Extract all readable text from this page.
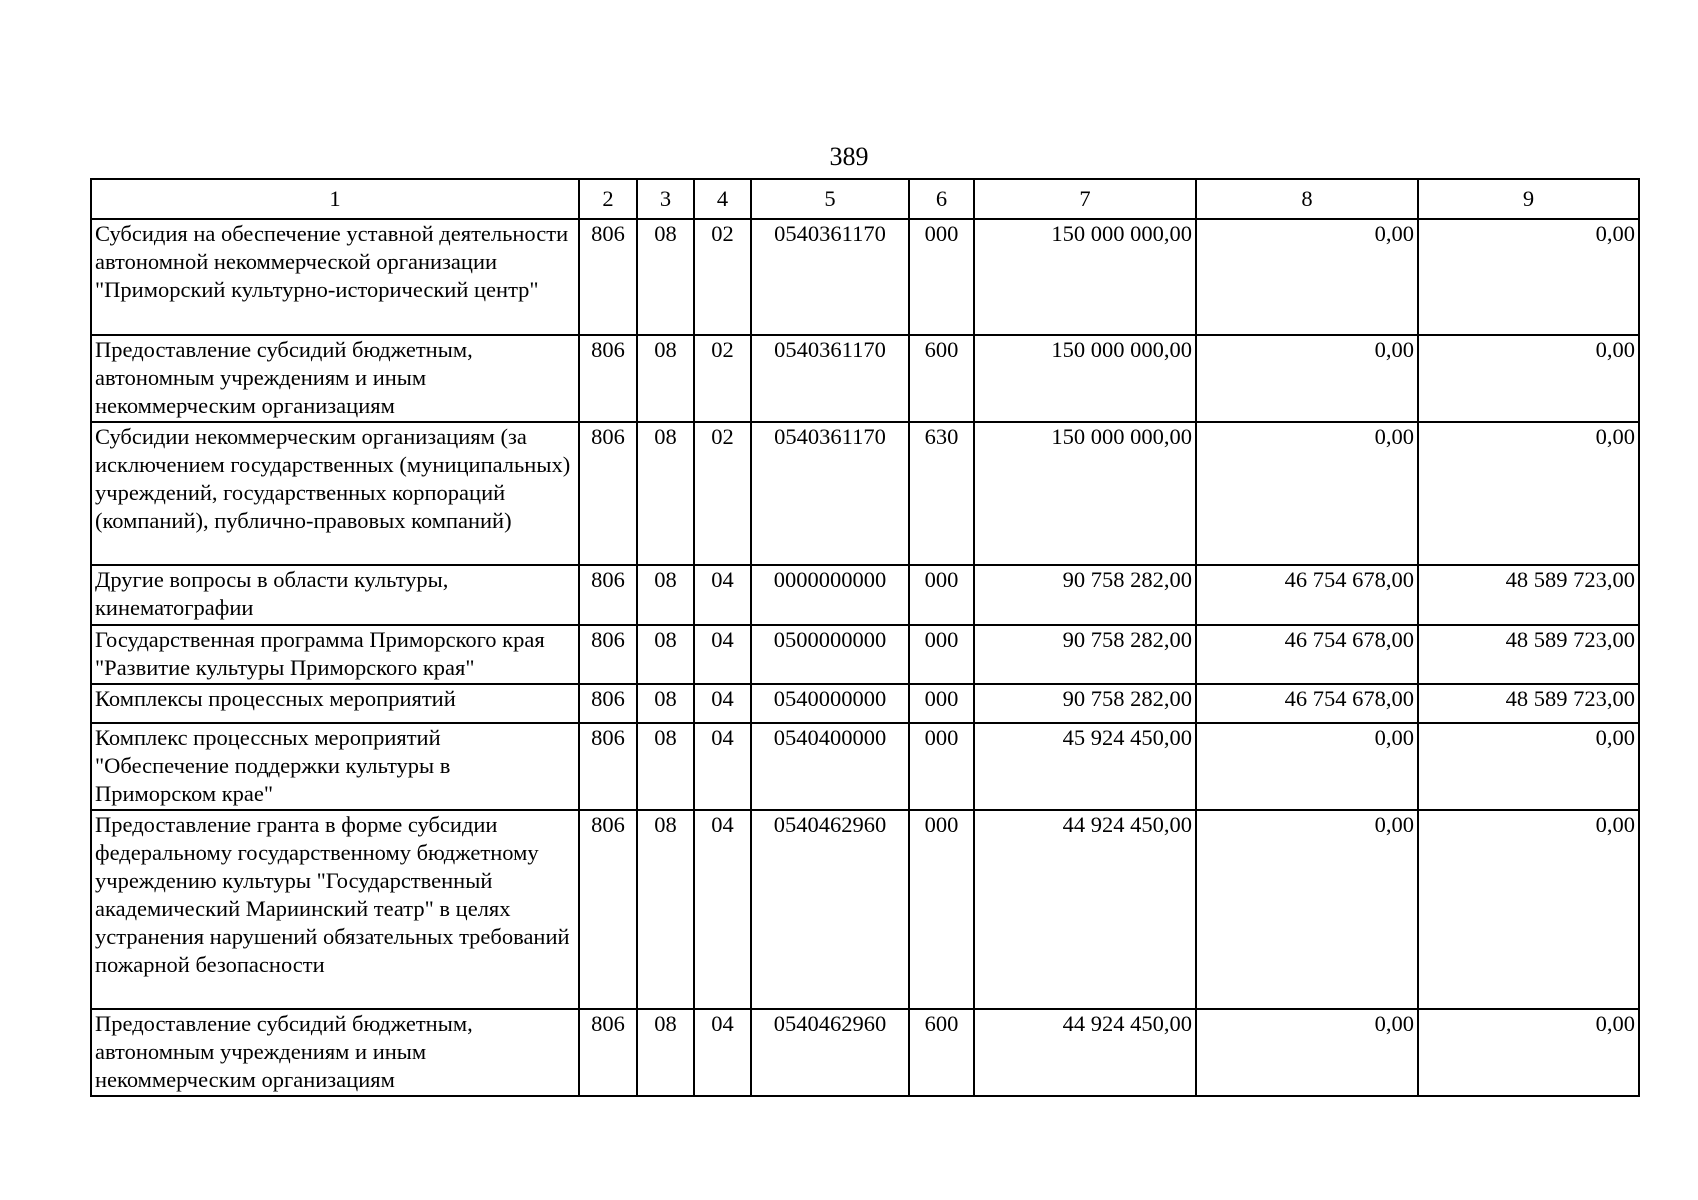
389
1	2	3	4	5	6	7	8	9
Субсидия на обеспечение уставной деятельности автономной некоммерческой организации "Приморский культурно-исторический центр"	806	08	02	0540361170	000	150 000 000,00	0,00	0,00
Предоставление субсидий бюджетным, автономным учреждениям и иным некоммерческим организациям	806	08	02	0540361170	600	150 000 000,00	0,00	0,00
Субсидии некоммерческим организациям (за исключением государственных (муниципальных) учреждений, государственных корпораций (компаний), публично-правовых компаний)	806	08	02	0540361170	630	150 000 000,00	0,00	0,00
Другие вопросы в области культуры, кинематографии	806	08	04	0000000000	000	90 758 282,00	46 754 678,00	48 589 723,00
Государственная программа Приморского края "Развитие культуры Приморского края"	806	08	04	0500000000	000	90 758 282,00	46 754 678,00	48 589 723,00
Комплексы процессных мероприятий	806	08	04	0540000000	000	90 758 282,00	46 754 678,00	48 589 723,00
Комплекс процессных мероприятий "Обеспечение поддержки культуры в Приморском крае"	806	08	04	0540400000	000	45 924 450,00	0,00	0,00
Предоставление гранта в форме субсидии федеральному государственному бюджетному учреждению культуры "Государственный академический Мариинский театр" в целях устранения нарушений обязательных требований пожарной безопасности	806	08	04	0540462960	000	44 924 450,00	0,00	0,00
Предоставление субсидий бюджетным, автономным учреждениям и иным некоммерческим организациям	806	08	04	0540462960	600	44 924 450,00	0,00	0,00
